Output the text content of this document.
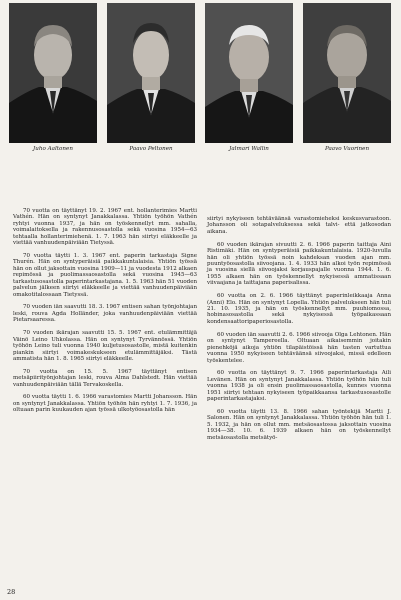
Juho Aaltonen	Paavo Peltonen	Jalmari Wallin	Paavo Vuorinen

70 vuotta on täyttänyt 19. 2. 1967 ent. hollanterimies Martti Vathén. Hän on syntynyt Janakkalassa. Yhtiön työhön Vathén ryhtyi vuonna 1937, ja hän on työskennellyt mm. sahalla, voimalaitoksella ja rakennusosastolla sekä vuosina 1954—63 tehtaalla hollanterimiehenä. 1. 7. 1963 hän siirtyi eläkkeelle ja viettää vanhuudenpäiviään Tietyssä.

70 vuotta täytti 1. 3. 1967 ent. paperin tarkastaja Signe Thurén. Hän on syntyperäisiä paikkakuntalaisia. Yhtiön työssä hän on ollut jaksottain vuosina 1909—11 ja vuodesta 1912 alkaen repimössä ja puolimassaosastolla sekä vuosina 1945—63 tarkastusosastolla paperintarkastajana. 1. 5. 1963 hän 51 vuoden palvelun jälkeen siirtyi eläkkeelle ja viettää vanhuudenpäiviään omakotitalossaan Tietyssä.

70 vuoden iän saavutti 18. 3. 1967 entisen sahan työnjohtajan leski, rouva Agda Holländer, joka vanhuudenpäiviään viettää Pietarsaaressa.

70 vuoden ikärajan saavutti 15. 5. 1967 ent. etulämmittäjä Väinö Leino Uhkolassa. Hän on syntynyt Tyrvännössä. Yhtiön työhön Leino tuli vuonna 1940 kuljetusosastolle, mistä kuitenkin piankin siirtyi voimakeskukseen etulämmittäjäksi. Tästä ammatista hän 1. 8. 1965 siirtyi eläkkeelle.

70 vuotta on 15. 5. 1967 täyttänyt entisen metsäpiirityönjohtajan leski, rouva Alma Dahlstedt. Hän viettää vanhuudenpäiviään tällä Tervakoskella.

60 vuotta täytti 1. 6. 1966 varastomies Martti Johansson. Hän on syntynyt Janakkalassa. Yhtiön työhön hän ryhtyi 1. 7. 1936, ja oltuaan parin kuukauden ajan työssä ulkotyöosastolla hän

siirtyi nykyiseen tehtäväänsä varastomieheksi keskusvarastoon. Johansson oli sotapalveluksessa sekä talvi- että jatkosodan aikana.

60 vuoden ikärajan sivuutti 2. 6. 1966 paperin taittaja Aini Ristimäki. Hän on syntyperäisiä paikkakuntalaisia. 1920-luvulla hän oli yhtiön työssä noin kahdeksan vuoden ajan mm. puuntyöosastolla siivoojana. 1. 4. 1933 hän alkoi työn repimössä ja vuosina siellä siivoojaksi korjauspajalle vuonna 1944. 1. 6. 1955 alkaen hän on työskennellyt nykyisessä ammatissaan viivaajana ja taittajana paperisalissa.

60 vuotta on 2. 6. 1966 täyttänyt paperinleikkaaja Anna (Anni) Elo. Hän on syntynyt Lopella. Yhtiön palvelukseen hän tuli 21. 10. 1935, ja hän on työskennellyt mm. puuhiomossa, hobinasosastolla sekä nykyisessä työpaikassaan kondensaattoripaperiosastolla.

60 vuoden iän saavutti 2. 6. 1966 siivooja Olga Lehtonen. Hän on syntynyt Tampereella. Oltuaan aikaisemmin joitakin pienehköjä aikoja yhtiön tilapäistöissä hän tasten vartuttua vuonna 1950 nykyiseen tehtäväänsä siivoojaksi, missä edelleen työskentelee.

60 vuotta on täyttänyt 9. 7. 1966 paperintarkastaja Aili Levänen. Hän on syntynyt Janakkalassa. Yhtiön työhön hän tuli vuonna 1938 ja oli ensin puolimassaosastolla, kunnes vuonna 1951 siirtyi tehtaan nykyiseen työpaikkaansa tarkastusosastolle paperintarkastajaksi.

60 vuotta täytti 13. 8. 1966 sahan työntekijä Martti J. Salonen. Hän on syntynyt Janakkalassa. Yhtiön työhön hän tuli 1. 5. 1932, ja hän on ollut mm. metsäosastossa jaksottain vuosina 1934—38. 10. 6. 1939 alkaen hän on työskennellyt metsäosastolla metsätyö-

28
